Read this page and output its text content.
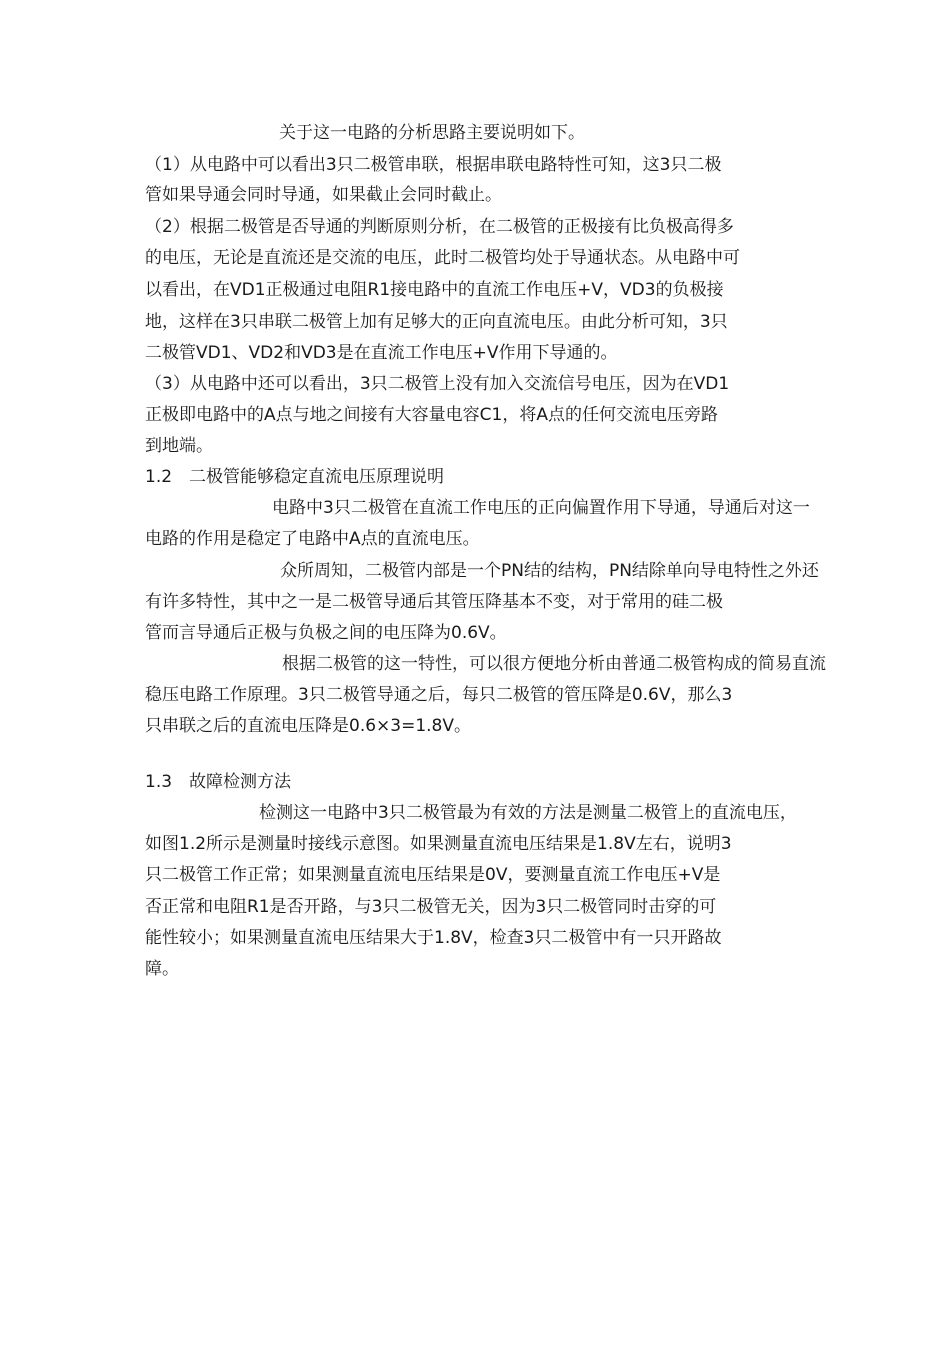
关于这一电路的分析思路主要说明如下。
（1）从电路中可以看出3只二极管串联，根据串联电路特性可知，这3只二极
管如果导通会同时导通，如果截止会同时截止。
（2）根据二极管是否导通的判断原则分析，在二极管的正极接有比负极高得多
的电压，无论是直流还是交流的电压，此时二极管均处于导通状态。从电路中可
以看出，在VD1正极通过电阻R1接电路中的直流工作电压+V，VD3的负极接
地，这样在3只串联二极管上加有足够大的正向直流电压。由此分析可知，3只
二极管VD1、VD2和VD3是在直流工作电压+V作用下导通的。
（3）从电路中还可以看出，3只二极管上没有加入交流信号电压，因为在VD1
正极即电路中的A点与地之间接有大容量电容C1，将A点的任何交流电压旁路
到地端。
1.2　二极管能够稳定直流电压原理说明
电路中3只二极管在直流工作电压的正向偏置作用下导通，导通后对这一
电路的作用是稳定了电路中A点的直流电压。
众所周知，二极管内部是一个PN结的结构，PN结除单向导电特性之外还
有许多特性，其中之一是二极管导通后其管压降基本不变，对于常用的硅二极
管而言导通后正极与负极之间的电压降为0.6V。
根据二极管的这一特性，可以很方便地分析由普通二极管构成的简易直流
稳压电路工作原理。3只二极管导通之后，每只二极管的管压降是0.6V，那么3
只串联之后的直流电压降是0.6×3=1.8V。
1.3　故障检测方法
检测这一电路中3只二极管最为有效的方法是测量二极管上的直流电压，
如图1.2所示是测量时接线示意图。如果测量直流电压结果是1.8V左右，说明3
只二极管工作正常；如果测量直流电压结果是0V，要测量直流工作电压+V是
否正常和电阻R1是否开路，与3只二极管无关，因为3只二极管同时击穿的可
能性较小；如果测量直流电压结果大于1.8V，检查3只二极管中有一只开路故
障。
